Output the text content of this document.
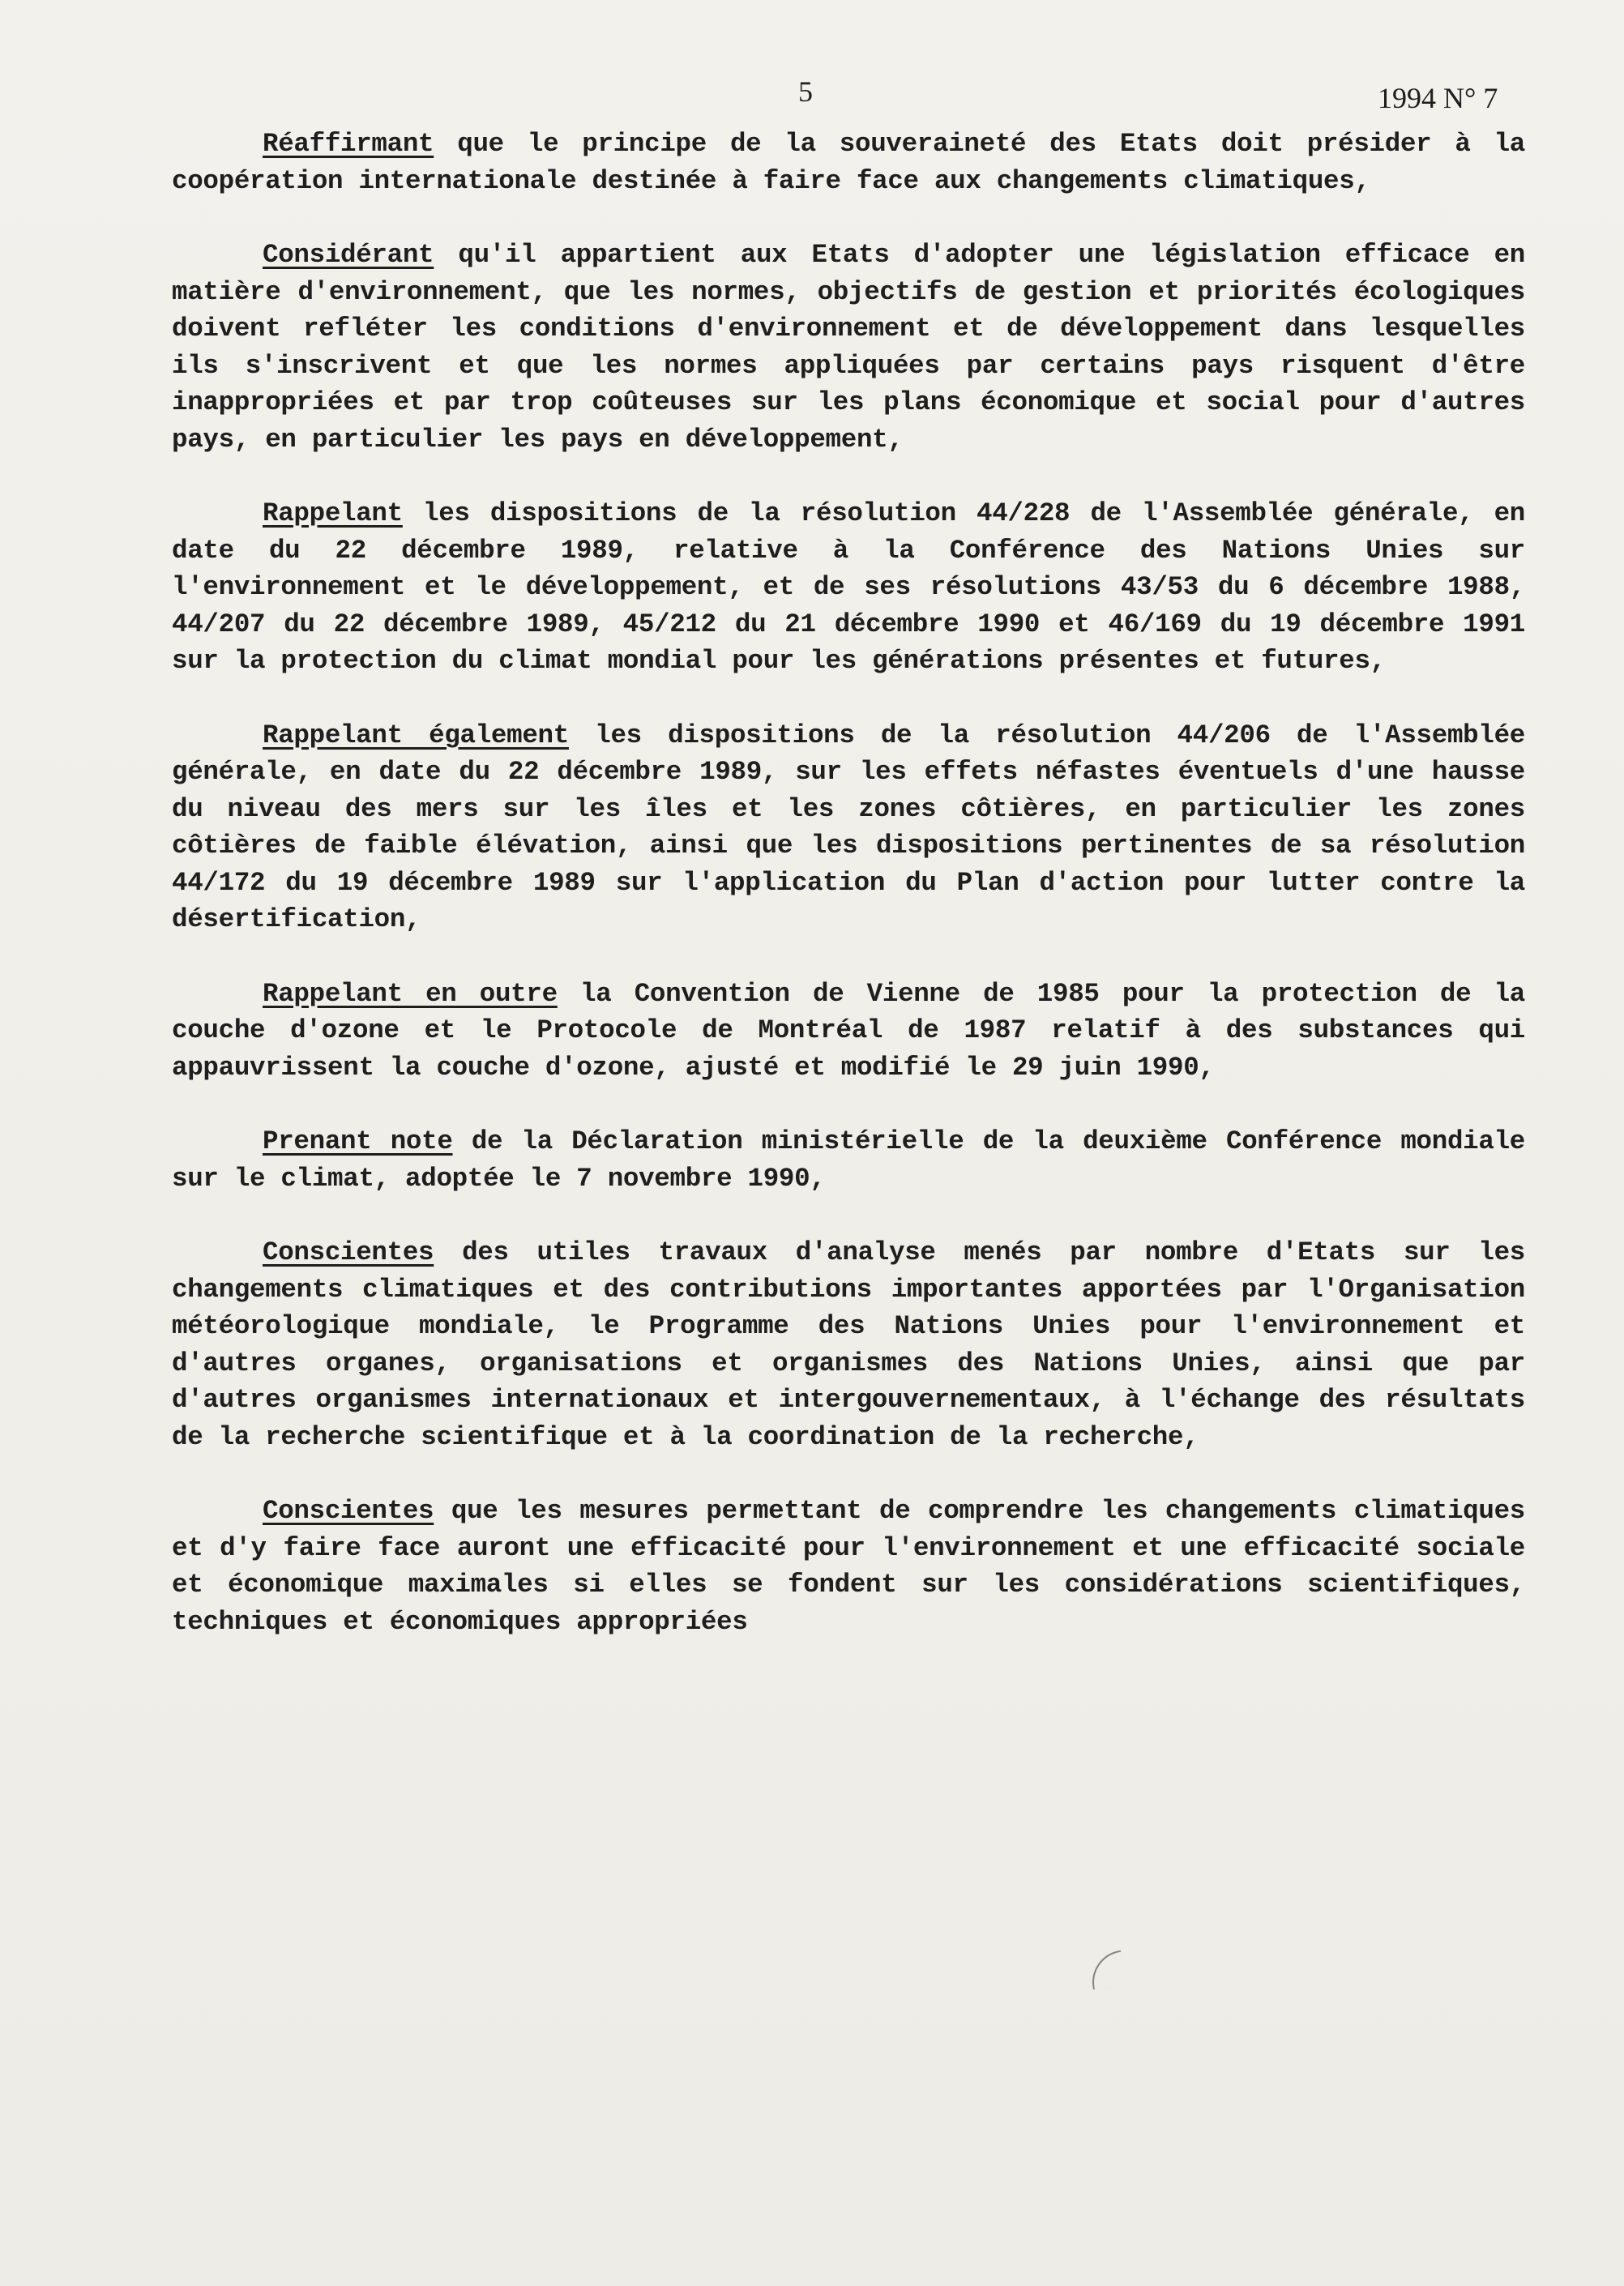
5	1994 N° 7

Réaffirmant que le principe de la souveraineté des Etats doit présider à la coopération internationale destinée à faire face aux changements climatiques,

Considérant qu'il appartient aux Etats d'adopter une législation efficace en matière d'environnement, que les normes, objectifs de gestion et priorités écologiques doivent refléter les conditions d'environnement et de développement dans lesquelles ils s'inscrivent et que les normes appliquées par certains pays risquent d'être inappropriées et par trop coûteuses sur les plans économique et social pour d'autres pays, en particulier les pays en développement,

Rappelant les dispositions de la résolution 44/228 de l'Assemblée générale, en date du 22 décembre 1989, relative à la Conférence des Nations Unies sur l'environnement et le développement, et de ses résolutions 43/53 du 6 décembre 1988, 44/207 du 22 décembre 1989, 45/212 du 21 décembre 1990 et 46/169 du 19 décembre 1991 sur la protection du climat mondial pour les générations présentes et futures,

Rappelant également les dispositions de la résolution 44/206 de l'Assemblée générale, en date du 22 décembre 1989, sur les effets néfastes éventuels d'une hausse du niveau des mers sur les îles et les zones côtières, en particulier les zones côtières de faible élévation, ainsi que les dispositions pertinentes de sa résolution 44/172 du 19 décembre 1989 sur l'application du Plan d'action pour lutter contre la désertification,

Rappelant en outre la Convention de Vienne de 1985 pour la protection de la couche d'ozone et le Protocole de Montréal de 1987 relatif à des substances qui appauvrissent la couche d'ozone, ajusté et modifié le 29 juin 1990,

Prenant note de la Déclaration ministérielle de la deuxième Conférence mondiale sur le climat, adoptée le 7 novembre 1990,

Conscientes des utiles travaux d'analyse menés par nombre d'Etats sur les changements climatiques et des contributions importantes apportées par l'Organisation météorologique mondiale, le Programme des Nations Unies pour l'environnement et d'autres organes, organisations et organismes des Nations Unies, ainsi que par d'autres organismes internationaux et intergouvernementaux, à l'échange des résultats de la recherche scientifique et à la coordination de la recherche,

Conscientes que les mesures permettant de comprendre les changements climatiques et d'y faire face auront une efficacité pour l'environnement et une efficacité sociale et économique maximales si elles se fondent sur les considérations scientifiques, techniques et économiques appropriées
